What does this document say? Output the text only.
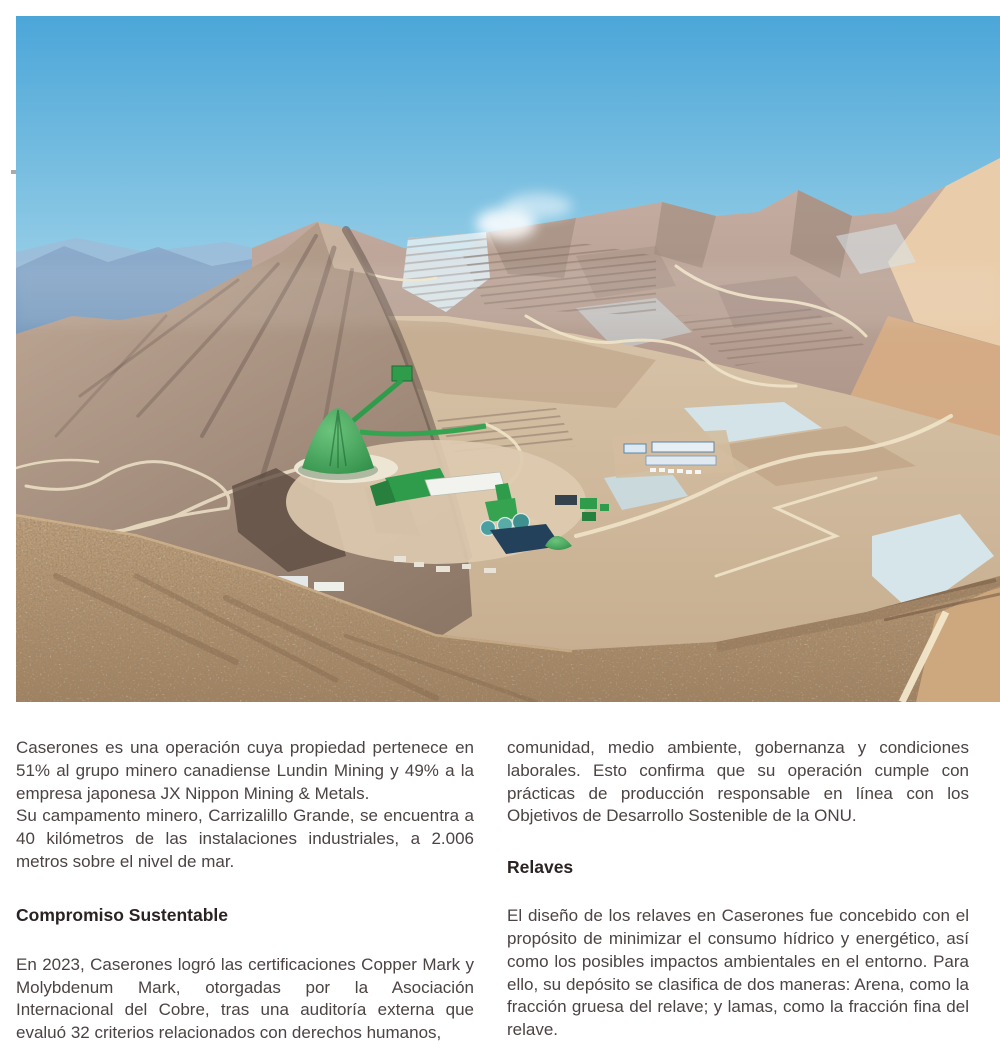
Caserones es una operación cuya propiedad pertenece en 51% al grupo minero canadiense Lundin Mining y 49% a la empresa japonesa JX Nippon Mining & Metals.

Su campamento minero, Carrizalillo Grande, se encuentra a 40 kilómetros de las instalaciones industriales, a 2.006 metros sobre el nivel de mar.

Compromiso Sustentable

En 2023, Caserones logró las certificaciones Copper Mark y Molybdenum Mark, otorgadas por la Asociación Internacional del Cobre, tras una auditoría externa que evaluó 32 criterios relacionados con derechos humanos,

comunidad, medio ambiente, gobernanza y condiciones laborales. Esto confirma que su operación cumple con prácticas de producción responsable en línea con los Objetivos de Desarrollo Sostenible de la ONU.

Relaves

El diseño de los relaves en Caserones fue concebido con el propósito de minimizar el consumo hídrico y energético, así como los posibles impactos ambientales en el entorno. Para ello, su depósito se clasifica de dos maneras: Arena, como la fracción gruesa del relave; y lamas, como la fracción fina del relave.
